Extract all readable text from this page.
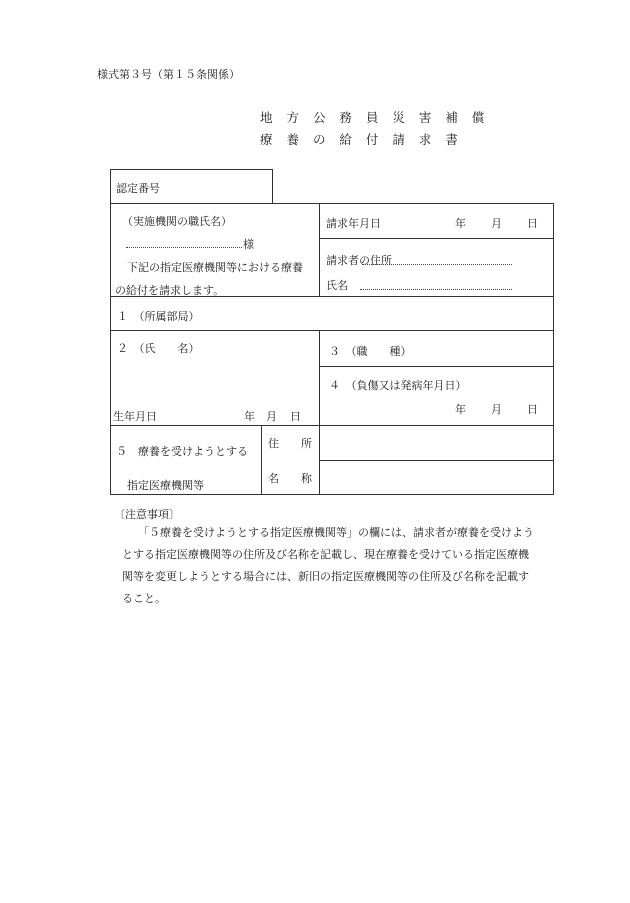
様式第３号（第１５条関係）
地 方 公 務 員 災 害 補 償
療 養 の 給 付 請 求 書
認定番号
（実施機関の職氏名）
様
下記の指定医療機関等における療養
の給付を請求します。
請求年月日	年 月 日
請求者の住所
氏名
１　（所属部局）
２　（氏　　名）
生年月日	年 月 日
３　（職　　種）
４　（負傷又は発病年月日）
年 月 日
５　療養を受けようとする
指定医療機関等
住　　所
名　　称
〔注意事項〕
「５療養を受けようとする指定医療機関等」の欄には、請求者が療養を受けよう
とする指定医療機関等の住所及び名称を記載し、現在療養を受けている指定医療機
関等を変更しようとする場合には、新旧の指定医療機関等の住所及び名称を記載す
ること。
